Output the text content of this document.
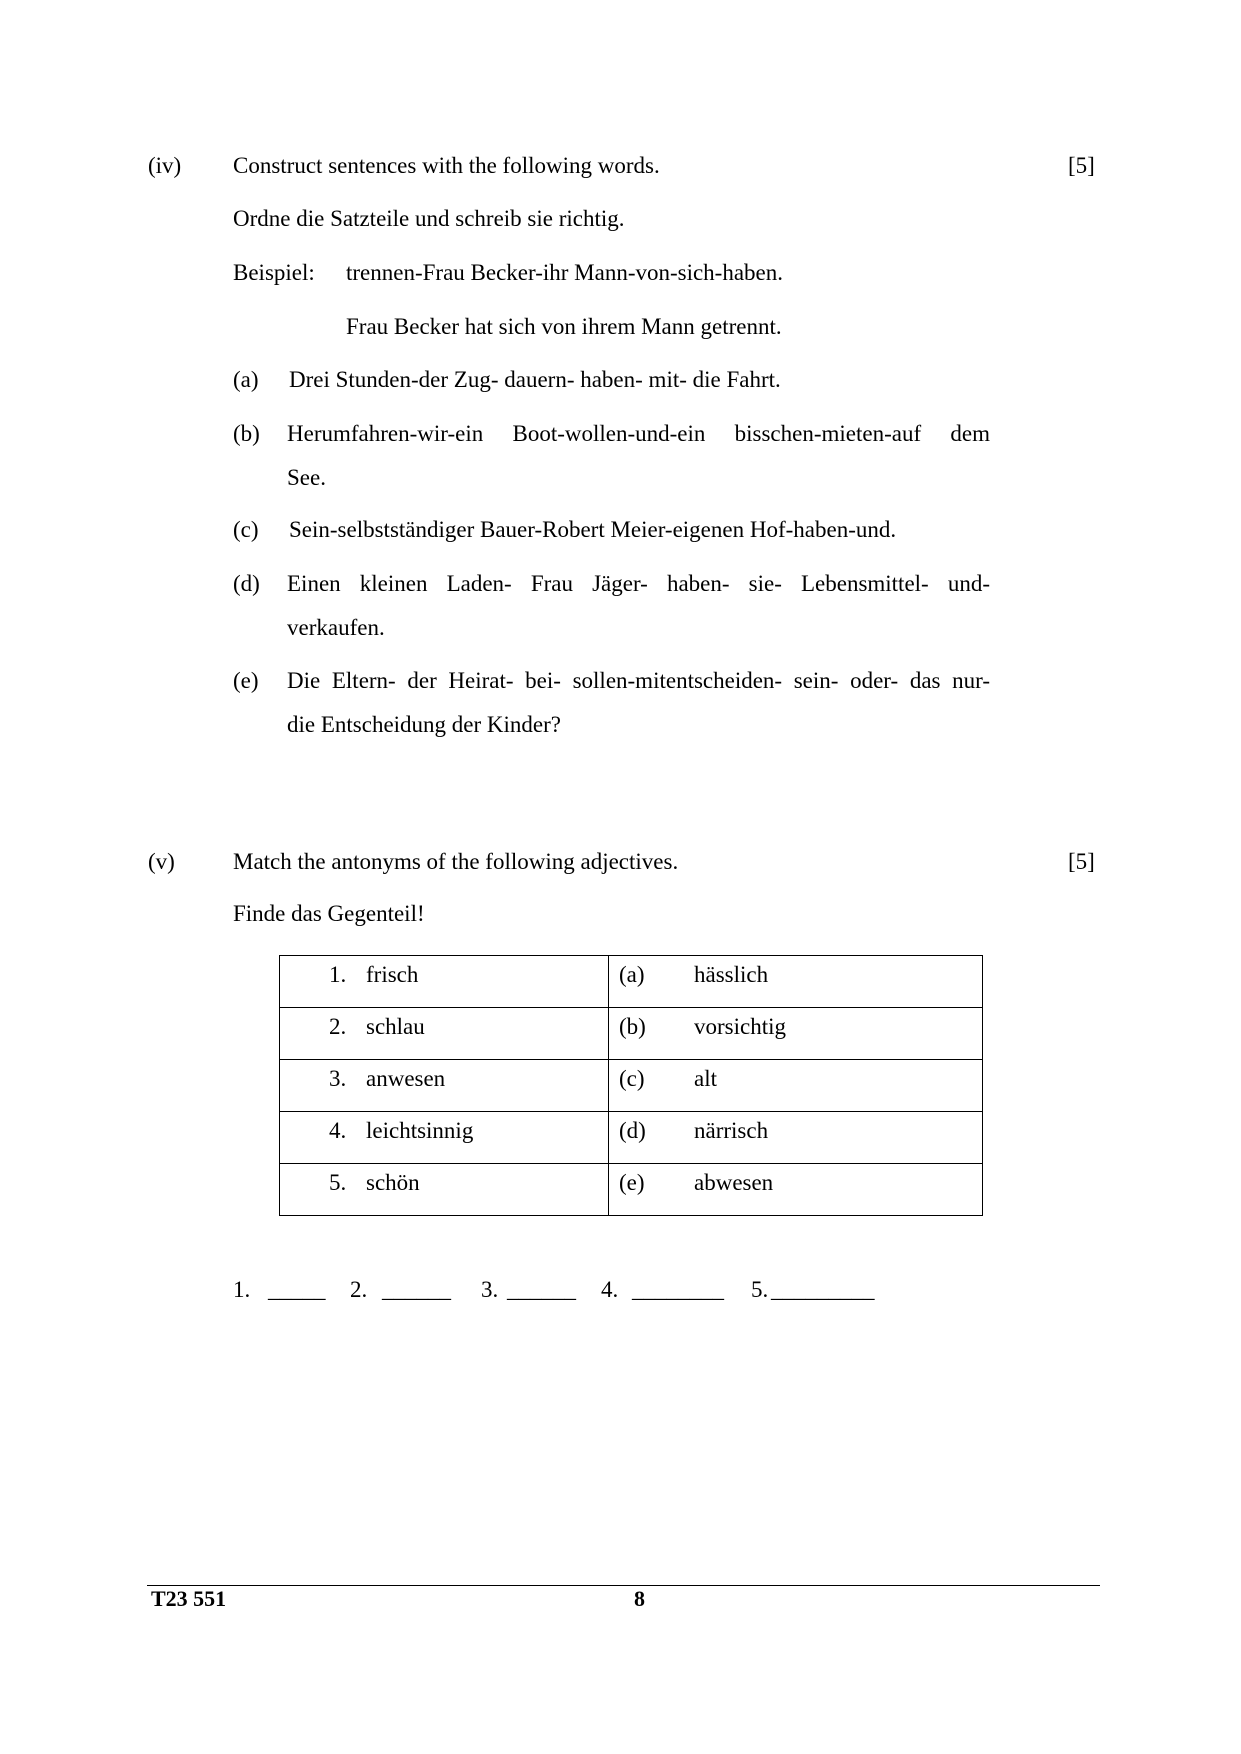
(iv) Construct sentences with the following words.	[5]
Ordne die Satzteile und schreib sie richtig.
Beispiel: trennen-Frau Becker-ihr Mann-von-sich-haben.
Frau Becker hat sich von ihrem Mann getrennt.
(a) Drei Stunden-der Zug- dauern- haben- mit- die Fahrt.
(b) Herumfahren-wir-ein Boot-wollen-und-ein bisschen-mieten-auf dem
See.
(c) Sein-selbstständiger Bauer-Robert Meier-eigenen Hof-haben-und.
(d) Einen kleinen Laden- Frau Jäger- haben- sie- Lebensmittel- und-
verkaufen.
(e) Die Eltern- der Heirat- bei- sollen-mitentscheiden- sein- oder- das nur-
die Entscheidung der Kinder?
(v)	Match the antonyms of the following adjectives.	[5]
Finde das Gegenteil!
1. frisch	(a) hässlich

2. schlau	(b) vorsichtig

3. anwesen	(c) alt

4. leichtsinnig	(d) närrisch

5. schön	(e) abwesen
1. _____ 2. ______ 3. ______ 4. ________ 5. _________
T23 551	8
